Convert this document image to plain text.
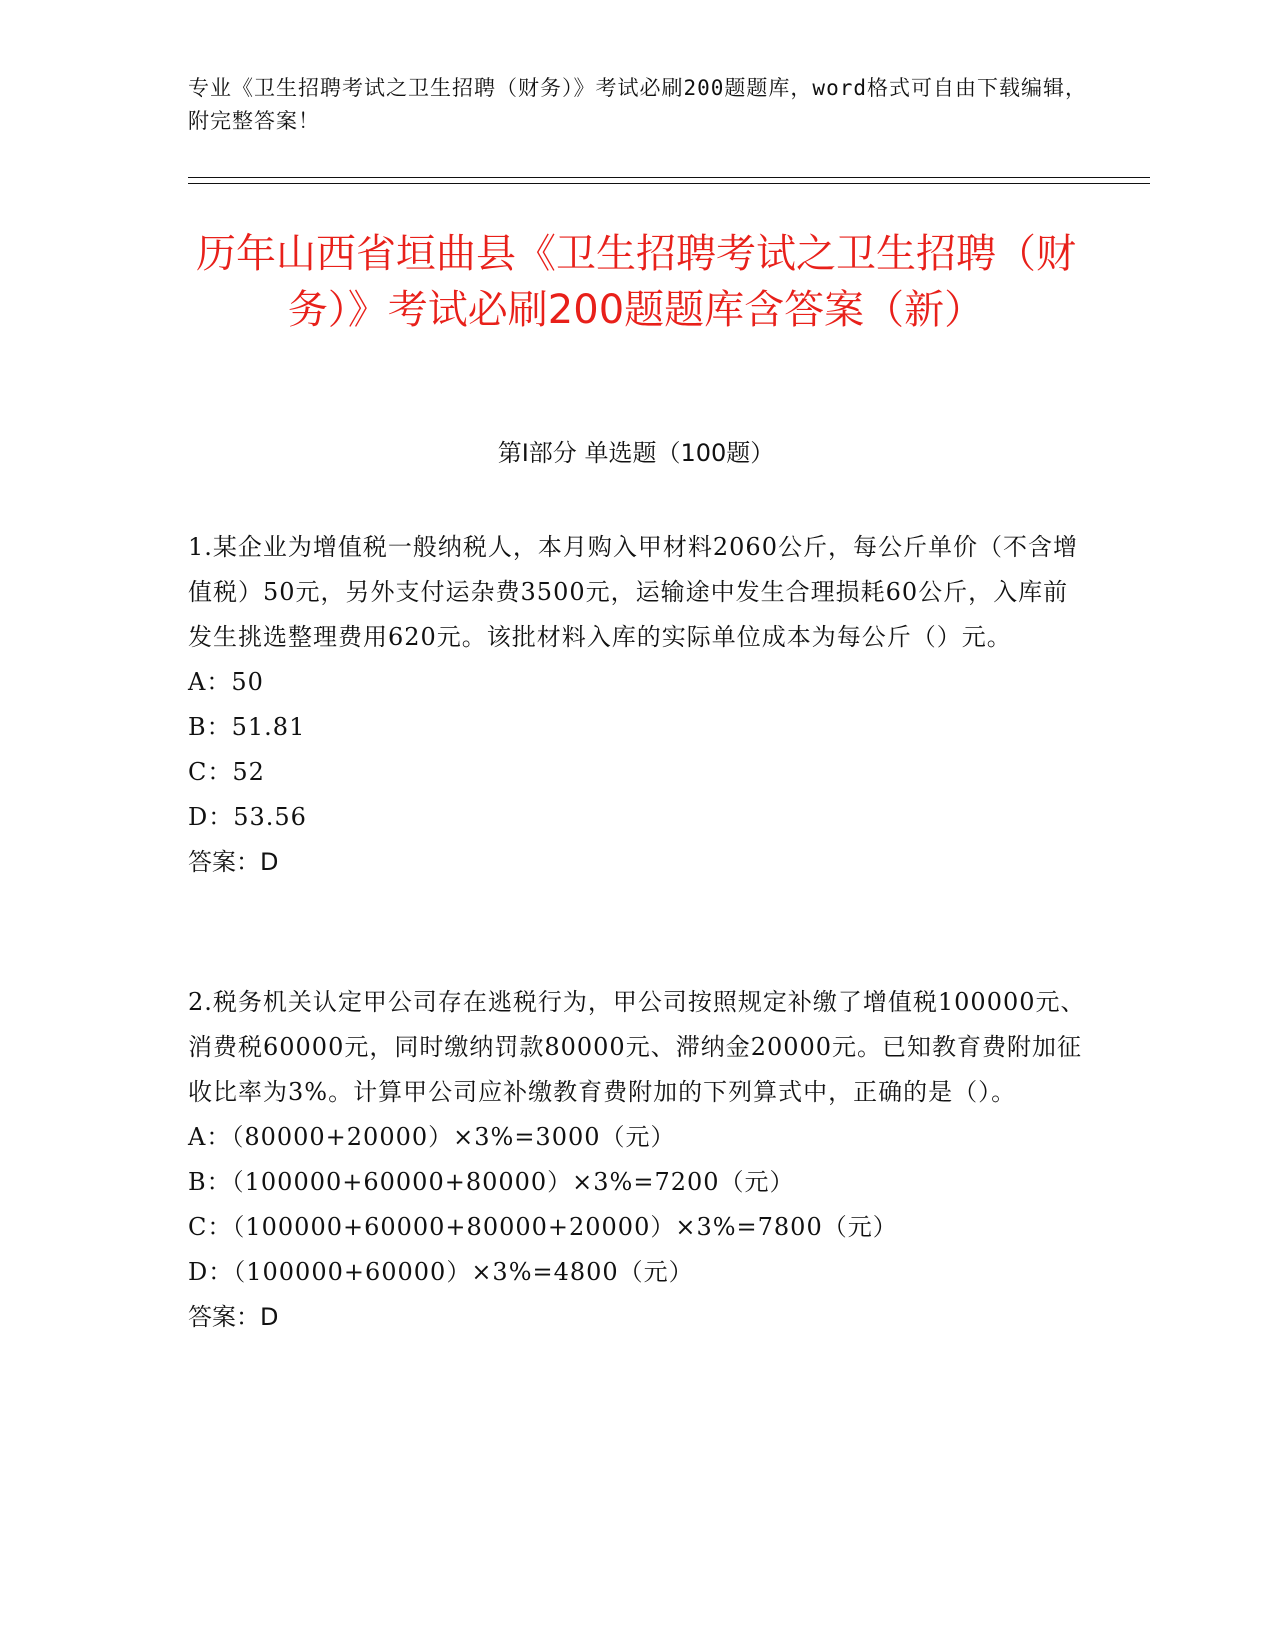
专业《卫生招聘考试之卫生招聘（财务）》考试必刷200题题库，word格式可自由下载编辑，附完整答案！
历年山西省垣曲县《卫生招聘考试之卫生招聘（财务）》考试必刷200题题库含答案（新）
第I部分 单选题（100题）

1.某企业为增值税一般纳税人，本月购入甲材料2060公斤，每公斤单价（不含增值税）50元，另外支付运杂费3500元，运输途中发生合理损耗60公斤，入库前发生挑选整理费用620元。该批材料入库的实际单位成本为每公斤（）元。

A：50

B：51.81

C：52

D：53.56

答案：D

2.税务机关认定甲公司存在逃税行为，甲公司按照规定补缴了增值税100000元、消费税60000元，同时缴纳罚款80000元、滞纳金20000元。已知教育费附加征收比率为3%。计算甲公司应补缴教育费附加的下列算式中，正确的是（）。

A：（80000+20000）×3%=3000（元）

B：（100000+60000+80000）×3%=7200（元）

C：（100000+60000+80000+20000）×3%=7800（元）

D：（100000+60000）×3%=4800（元）

答案：D
